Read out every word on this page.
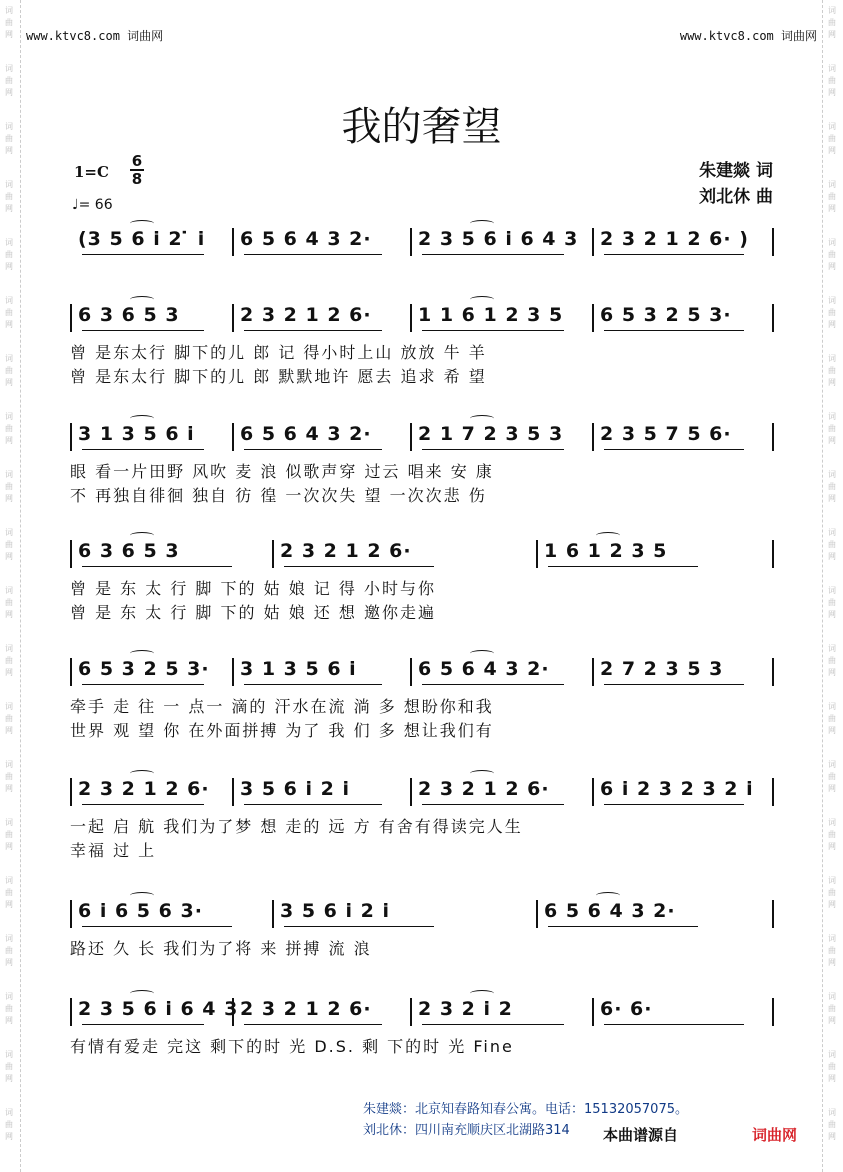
词
曲
网
词
曲
网
词
曲
网
词
曲
网
词
曲
网
词
曲
网
词
曲
网
词
曲
网
词
曲
网
词
曲
网
词
曲
网
词
曲
网
词
曲
网
词
曲
网
词
曲
网
词
曲
网
词
曲
网
词
曲
网
词
曲
网
词
曲
网
词
曲
网
词
曲
网
词
曲
网
词
曲
网
词
曲
网
词
曲
网
词
曲
网
词
曲
网
词
曲
网
词
曲
网
词
曲
网
词
曲
网
词
曲
网
词
曲
网
词
曲
网
词
曲
网
词
曲
网
词
曲
网
词
曲
网
词
曲
网
www.ktvc8.com 词曲网	www.ktvc8.com 词曲网
我的奢望
1=C
6
8
♩= 66
朱建燚 词
刘北休 曲
(3 5 6 i 2 ̇ i 6 5 6 4 3 2· 2 3 5 6 i 6 4 3 2 3 2 1 2 6· )
6 3 6 5 3	2 3 2 1 2 6· 1 1 6 1 2 3 5 6 5 3 2 5 3·
曾 是东太行 脚下的儿 郎 记 得小时上山 放放 牛 羊
曾 是东太行 脚下的儿 郎 默默地许 愿去 追求 希 望
3 1 3 5 6 i 6 5 6 4 3 2· 2 1 7 2 3 5 3 2 3 5 7 5 6·
眼 看一片田野 风吹 麦 浪 似歌声穿 过云 唱来 安 康
不 再独自徘徊 独自 彷 徨 一次次失 望 一次次悲 伤
6 3 6 5 3	2 3 2 1 2 6·	1 6 1 2 3 5
曾 是 东 太 行 脚 下的 姑 娘 记 得 小时与你
曾 是 东 太 行 脚 下的 姑 娘 还 想 邀你走遍
6 5 3 2 5 3· 3 1 3 5 6 i	6 5 6 4 3 2·	2 7 2 3 5 3
牵手 走 往 一 点一 滴的 汗水在流 淌 多 想盼你和我
世界 观 望 你 在外面拼搏 为了 我 们 多 想让我们有
2 3 2 1 2 6· 3 5 6 i 2 i	2 3 2 1 2 6·	6 i 2 3 2 3 2 i
一起 启 航 我们为了梦 想 走的 远 方 有舍有得读完人生
幸福 过 上
6 i 6 5 6 3·	3 5 6 i 2 i	6 5 6 4 3 2·
路还 久 长 我们为了将 来 拼搏 流 浪
2 3 5 6 i 6 4 3 2 3 2 1 2 6· 2 3 2 i 2	6· 6·
有情有爱走 完这 剩下的时 光 D.S. 剩 下的时 光 Fine
朱建燚：北京知春路知春公寓。电话：15132057075。
刘北休：四川南充顺庆区北湖路314 本曲谱源自	词曲网
